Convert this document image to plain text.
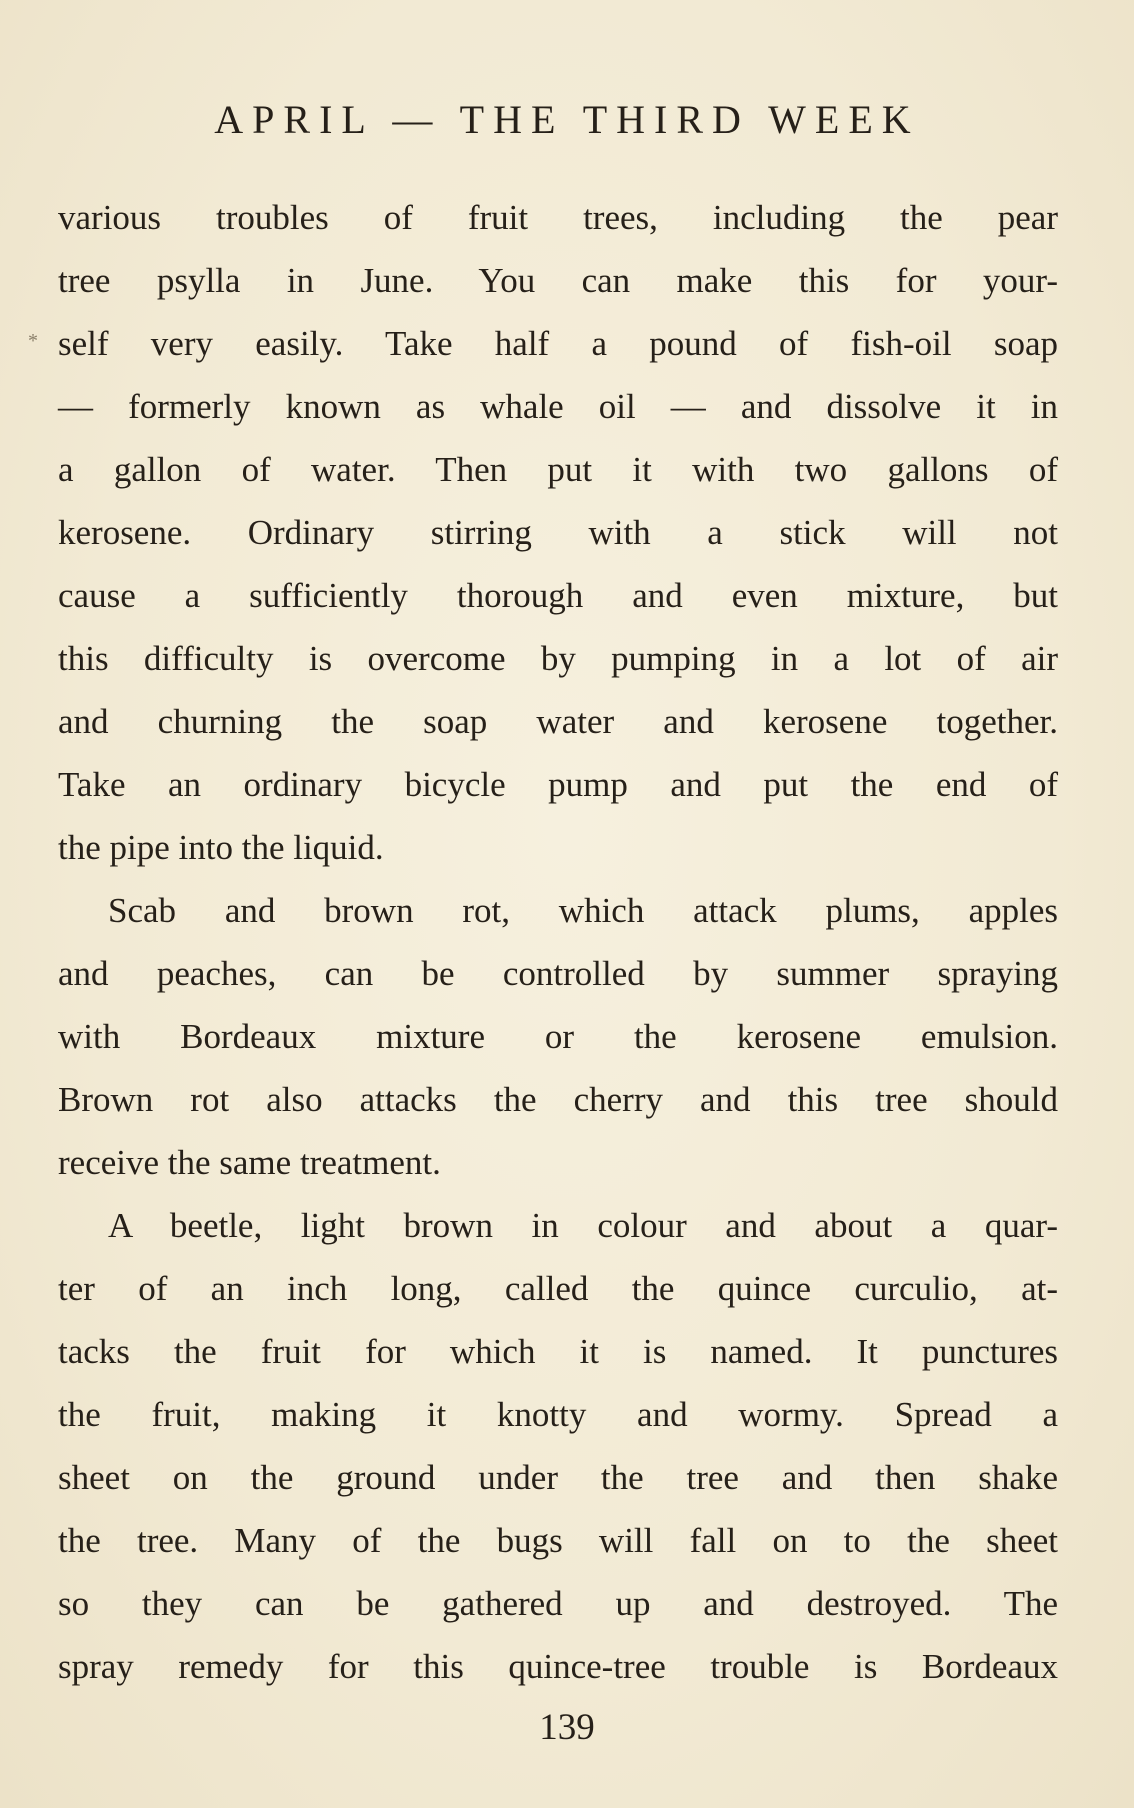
APRIL — THE THIRD WEEK
*
various troubles of fruit trees, including the pear
tree psylla in June. You can make this for your-
self very easily. Take half a pound of fish-oil soap
— formerly known as whale oil — and dissolve it in
a gallon of water. Then put it with two gallons of
kerosene. Ordinary stirring with a stick will not
cause a sufficiently thorough and even mixture, but
this difficulty is overcome by pumping in a lot of air
and churning the soap water and kerosene together.
Take an ordinary bicycle pump and put the end of
the pipe into the liquid.
Scab and brown rot, which attack plums, apples
and peaches, can be controlled by summer spraying
with Bordeaux mixture or the kerosene emulsion.
Brown rot also attacks the cherry and this tree should
receive the same treatment.
A beetle, light brown in colour and about a quar-
ter of an inch long, called the quince curculio, at-
tacks the fruit for which it is named. It punctures
the fruit, making it knotty and wormy. Spread a
sheet on the ground under the tree and then shake
the tree. Many of the bugs will fall on to the sheet
so they can be gathered up and destroyed. The
spray remedy for this quince-tree trouble is Bordeaux
139
